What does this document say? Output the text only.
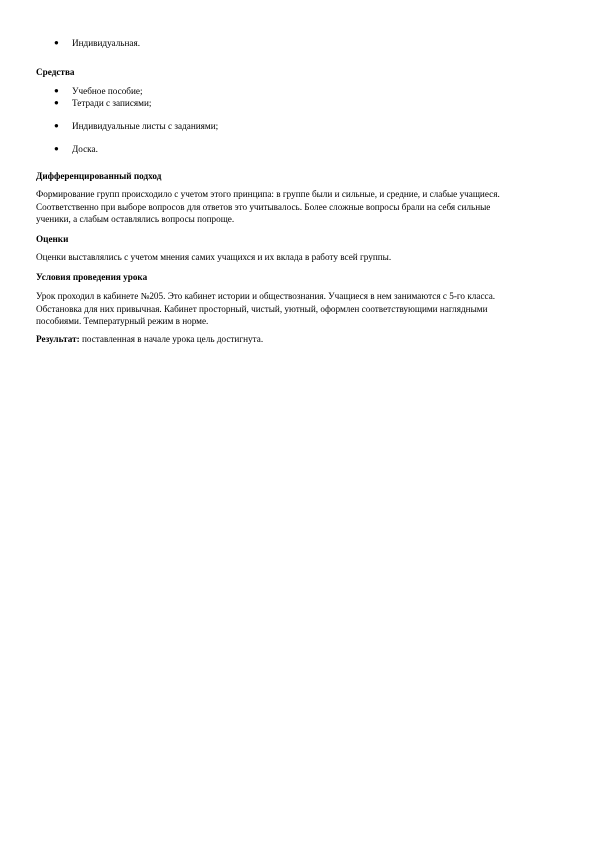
● Индивидуальная.
Средства
● Учебное пособие;
● Тетради с записями;
● Индивидуальные листы с заданиями;
● Доска.
Дифференцированный подход

Формирование групп происходило с учетом этого принципа: в группе были и сильные, и средние, и слабые учащиеся.
Соответственно при выборе вопросов для ответов это учитывалось. Более сложные вопросы брали на себя сильные
ученики, а слабым оставлялись вопросы попроще.

Оценки

Оценки выставлялись с учетом мнения самих учащихся и их вклада в работу всей группы.

Условия проведения урока

Урок проходил в кабинете №205. Это кабинет истории и обществознания. Учащиеся в нем занимаются с 5-го класса.
Обстановка для них привычная. Кабинет просторный, чистый, уютный, оформлен соответствующими наглядными
пособиями. Температурный режим в норме.

Результат: поставленная в начале урока цель достигнута.
